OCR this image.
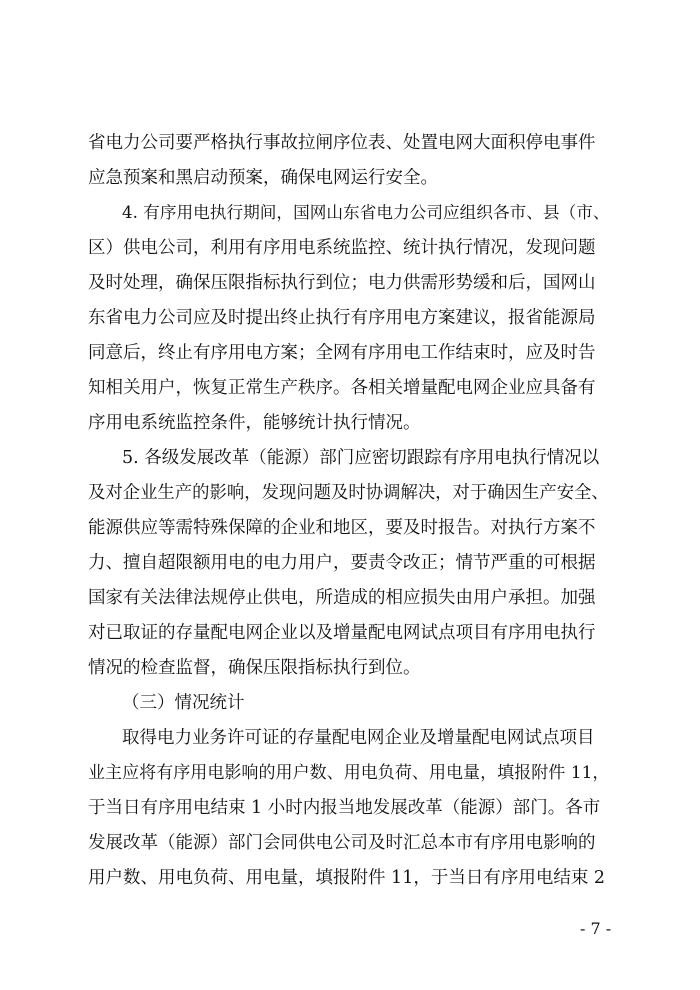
省电力公司要严格执行事故拉闸序位表、处置电网大面积停电事件
应急预案和黑启动预案，确保电网运行安全。
4. 有序用电执行期间，国网山东省电力公司应组织各市、县（市、
区）供电公司，利用有序用电系统监控、统计执行情况，发现问题
及时处理，确保压限指标执行到位；电力供需形势缓和后，国网山
东省电力公司应及时提出终止执行有序用电方案建议，报省能源局
同意后，终止有序用电方案；全网有序用电工作结束时，应及时告
知相关用户，恢复正常生产秩序。各相关增量配电网企业应具备有
序用电系统监控条件，能够统计执行情况。
5. 各级发展改革（能源）部门应密切跟踪有序用电执行情况以
及对企业生产的影响，发现问题及时协调解决，对于确因生产安全、
能源供应等需特殊保障的企业和地区，要及时报告。对执行方案不
力、擅自超限额用电的电力用户，要责令改正；情节严重的可根据
国家有关法律法规停止供电，所造成的相应损失由用户承担。加强
对已取证的存量配电网企业以及增量配电网试点项目有序用电执行
情况的检查监督，确保压限指标执行到位。
（三）情况统计
取得电力业务许可证的存量配电网企业及增量配电网试点项目
业主应将有序用电影响的用户数、用电负荷、用电量，填报附件 11，
于当日有序用电结束 1 小时内报当地发展改革（能源）部门。各市
发展改革（能源）部门会同供电公司及时汇总本市有序用电影响的
用户数、用电负荷、用电量，填报附件 11，于当日有序用电结束 2
- 7 -
